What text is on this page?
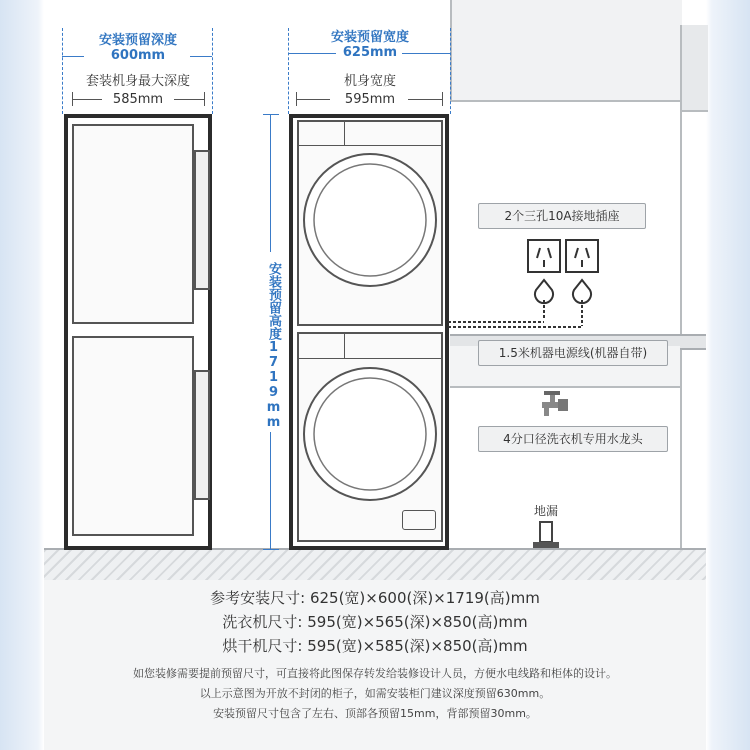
安装预留深度
600mm
套装机身最大深度
585mm
安装预留高度1719mm
安装预留宽度
625mm
机身宽度
595mm
2个三孔10A接地插座
1.5米机器电源线(机器自带)
4分口径洗衣机专用水龙头
地漏
参考安装尺寸: 625(宽)×600(深)×1719(高)mm
洗衣机尺寸: 595(宽)×565(深)×850(高)mm
烘干机尺寸: 595(宽)×585(深)×850(高)mm
如您装修需要提前预留尺寸，可直接将此图保存转发给装修设计人员，方便水电线路和柜体的设计。
以上示意图为开放不封闭的柜子，如需安装柜门建议深度预留630mm。
安装预留尺寸包含了左右、顶部各预留15mm，背部预留30mm。
